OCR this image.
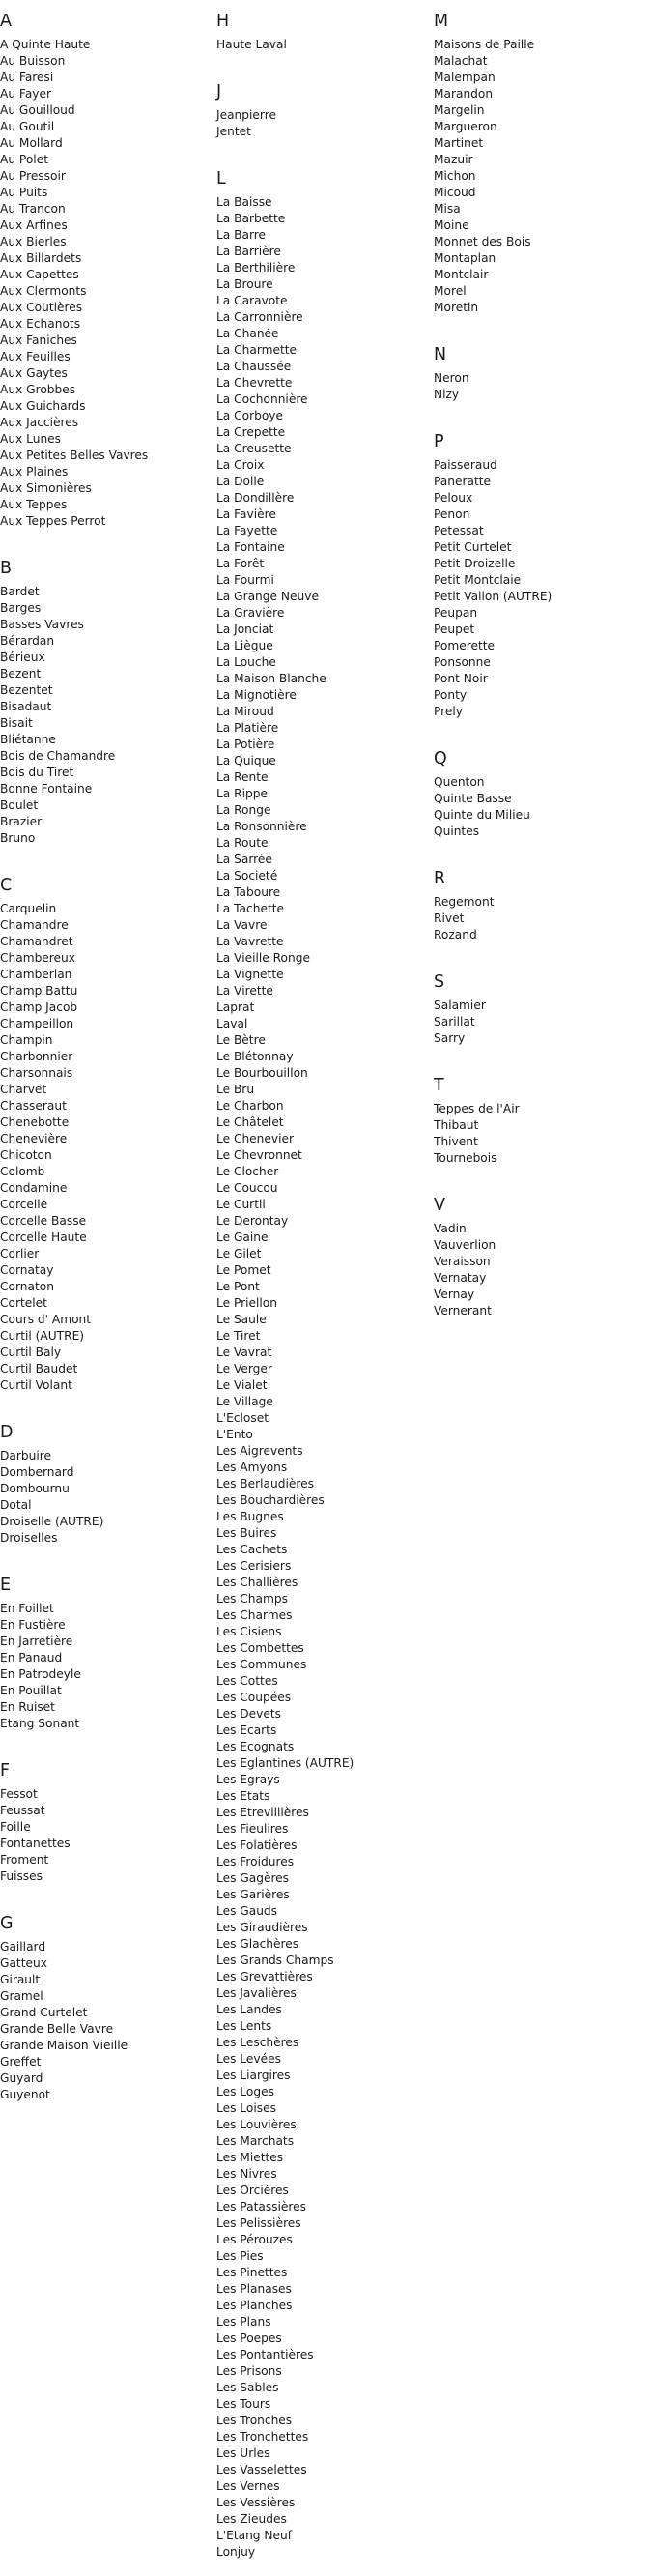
A
A Quinte Haute
Au Buisson
Au Faresi
Au Fayer
Au Gouilloud
Au Goutil
Au Mollard
Au Polet
Au Pressoir
Au Puits
Au Trancon
Aux Arfines
Aux Bierles
Aux Billardets
Aux Capettes
Aux Clermonts
Aux Coutières
Aux Echanots
Aux Faniches
Aux Feuilles
Aux Gaytes
Aux Grobbes
Aux Guichards
Aux Jaccières
Aux Lunes
Aux Petites Belles Vavres
Aux Plaines
Aux Simonières
Aux Teppes
Aux Teppes Perrot
B
Bardet
Barges
Basses Vavres
Bérardan
Bérieux
Bezent
Bezentet
Bisadaut
Bisait
Bliétanne
Bois de Chamandre
Bois du Tiret
Bonne Fontaine
Boulet
Brazier
Bruno
C
Carquelin
Chamandre
Chamandret
Chambereux
Chamberlan
Champ Battu
Champ Jacob
Champeillon
Champin
Charbonnier
Charsonnais
Charvet
Chasseraut
Chenebotte
Chenevière
Chicoton
Colomb
Condamine
Corcelle
Corcelle Basse
Corcelle Haute
Corlier
Cornatay
Cornaton
Cortelet
Cours d' Amont
Curtil (AUTRE)
Curtil Baly
Curtil Baudet
Curtil Volant
D
Darbuire
Dombernard
Dombournu
Dotal
Droiselle (AUTRE)
Droiselles
E
En Foillet
En Fustière
En Jarretière
En Panaud
En Patrodeyle
En Pouillat
En Ruiset
Etang Sonant
F
Fessot
Feussat
Foille
Fontanettes
Froment
Fuisses
G
Gaillard
Gatteux
Girault
Gramel
Grand Curtelet
Grande Belle Vavre
Grande Maison Vieille
Greffet
Guyard
Guyenot
H
Haute Laval
J
Jeanpierre
Jentet
L
La Baisse
La Barbette
La Barre
La Barrière
La Berthilière
La Broure
La Caravote
La Carronnière
La Chanée
La Charmette
La Chaussée
La Chevrette
La Cochonnière
La Corboye
La Crepette
La Creusette
La Croix
La Doile
La Dondillère
La Favière
La Fayette
La Fontaine
La Forêt
La Fourmi
La Grange Neuve
La Gravière
La Jonciat
La Liègue
La Louche
La Maison Blanche
La Mignotière
La Miroud
La Platière
La Potière
La Quique
La Rente
La Rippe
La Ronge
La Ronsonnière
La Route
La Sarrée
La Societé
La Taboure
La Tachette
La Vavre
La Vavrette
La Vieille Ronge
La Vignette
La Virette
Laprat
Laval
Le Bètre
Le Blétonnay
Le Bourbouillon
Le Bru
Le Charbon
Le Châtelet
Le Chenevier
Le Chevronnet
Le Clocher
Le Coucou
Le Curtil
Le Derontay
Le Gaine
Le Gilet
Le Pomet
Le Pont
Le Priellon
Le Saule
Le Tiret
Le Vavrat
Le Verger
Le Vialet
Le Village
L'Ecloset
L'Ento
Les Aigrevents
Les Amyons
Les Berlaudières
Les Bouchardières
Les Bugnes
Les Buires
Les Cachets
Les Cerisiers
Les Challières
Les Champs
Les Charmes
Les Cisiens
Les Combettes
Les Communes
Les Cottes
Les Coupées
Les Devets
Les Ecarts
Les Ecognats
Les Eglantines (AUTRE)
Les Egrays
Les Etats
Les Etrevillières
Les Fieulires
Les Folatières
Les Froidures
Les Gagères
Les Garières
Les Gauds
Les Giraudières
Les Glachères
Les Grands Champs
Les Grevattières
Les Javalières
Les Landes
Les Lents
Les Leschères
Les Levées
Les Liargires
Les Loges
Les Loises
Les Louvières
Les Marchats
Les Miettes
Les Nivres
Les Orcières
Les Patassières
Les Pelissières
Les Pérouzes
Les Pies
Les Pinettes
Les Planases
Les Planches
Les Plans
Les Poepes
Les Pontantières
Les Prisons
Les Sables
Les Tours
Les Tronches
Les Tronchettes
Les Urles
Les Vasselettes
Les Vernes
Les Vessières
Les Zieudes
L'Etang Neuf
Lonjuy
M
Maisons de Paille
Malachat
Malempan
Marandon
Margelin
Margueron
Martinet
Mazuir
Michon
Micoud
Misa
Moine
Monnet des Bois
Montaplan
Montclair
Morel
Moretin
N
Neron
Nizy
P
Paisseraud
Paneratte
Peloux
Penon
Petessat
Petit Curtelet
Petit Droizelle
Petit Montclaie
Petit Vallon (AUTRE)
Peupan
Peupet
Pomerette
Ponsonne
Pont Noir
Ponty
Prely
Q
Quenton
Quinte Basse
Quinte du Milieu
Quintes
R
Regemont
Rivet
Rozand
S
Salamier
Sarillat
Sarry
T
Teppes de l'Air
Thibaut
Thivent
Tournebois
V
Vadin
Vauverlion
Veraisson
Vernatay
Vernay
Vernerant
